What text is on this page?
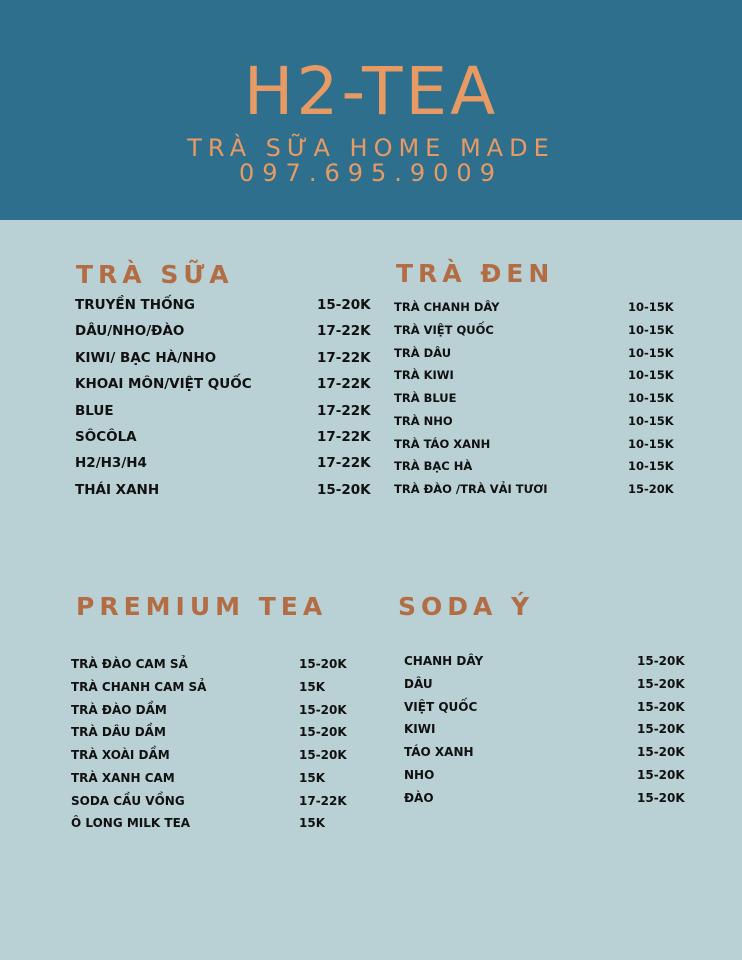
H2-TEA
TRÀ SỮA HOME MADE
097.695.9009
TRÀ SỮA
TRUYỀN THỐNG	15-20K
DÂU/NHO/ĐÀO	17-22K
KIWI/ BẠC HÀ/NHO	17-22K
KHOAI MÔN/VIỆT QUỐC	17-22K
BLUE	17-22K
SÔCÔLA	17-22K
H2/H3/H4	17-22K
THÁI XANH	15-20K
TRÀ ĐEN
TRÀ CHANH DÂY	10-15K
TRÀ VIỆT QUỐC	10-15K
TRÀ DÂU	10-15K
TRÀ KIWI	10-15K
TRÀ BLUE	10-15K
TRÀ NHO	10-15K
TRÀ TÁO XANH	10-15K
TRÀ BẠC HÀ	10-15K
TRÀ ĐÀO /TRÀ VẢI TƯƠI	15-20K
PREMIUM TEA
TRÀ ĐÀO CAM SẢ	15-20K
TRÀ CHANH CAM SẢ	15K
TRÀ ĐÀO DẦM	15-20K
TRÀ DÂU DẦM	15-20K
TRÀ XOÀI DẦM	15-20K
TRÀ XANH CAM	15K
SODA CẦU VỒNG	17-22K
Ô LONG MILK TEA	15K
SODA Ý
CHANH DÂY	15-20K
DÂU	15-20K
VIỆT QUỐC	15-20K
KIWI	15-20K
TÁO XANH	15-20K
NHO	15-20K
ĐÀO	15-20K
